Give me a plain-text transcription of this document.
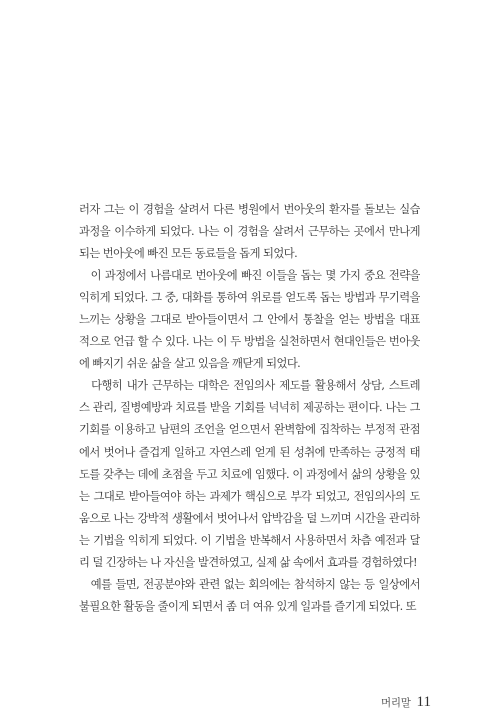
러자 그는 이 경험을 살려서 다른 병원에서 번아웃의 환자를 돌보는 실습
과정을 이수하게 되었다. 나는 이 경험을 살려서 근무하는 곳에서 만나게
되는 번아웃에 빠진 모든 동료들을 돕게 되었다.
　이 과정에서 나름대로 번아웃에 빠진 이들을 돕는 몇 가지 중요 전략을
익히게 되었다. 그 중, 대화를 통하여 위로를 얻도록 돕는 방법과 무기력을
느끼는 상황을 그대로 받아들이면서 그 안에서 통찰을 얻는 방법을 대표
적으로 언급 할 수 있다. 나는 이 두 방법을 실천하면서 현대인들은 번아웃
에 빠지기 쉬운 삶을 살고 있음을 깨닫게 되었다.
　다행히 내가 근무하는 대학은 전임의사 제도를 활용해서 상담, 스트레
스 관리, 질병예방과 치료를 받을 기회를 넉넉히 제공하는 편이다. 나는 그
기회를 이용하고 남편의 조언을 얻으면서 완벽함에 집착하는 부정적 관점
에서 벗어나 즐겁게 일하고 자연스레 얻게 된 성취에 만족하는 긍정적 태
도를 갖추는 데에 초점을 두고 치료에 임했다. 이 과정에서 삶의 상황을 있
는 그대로 받아들여야 하는 과제가 핵심으로 부각 되었고, 전임의사의 도
움으로 나는 강박적 생활에서 벗어나서 압박감을 덜 느끼며 시간을 관리하
는 기법을 익히게 되었다. 이 기법을 반복해서 사용하면서 차츰 예전과 달
리 덜 긴장하는 나 자신을 발견하였고, 실제 삶 속에서 효과를 경험하였다!
　예를 들면, 전공분야와 관련 없는 회의에는 참석하지 않는 등 일상에서
불필요한 활동을 줄이게 되면서 좀 더 여유 있게 일과를 즐기게 되었다. 또
머리말 11
